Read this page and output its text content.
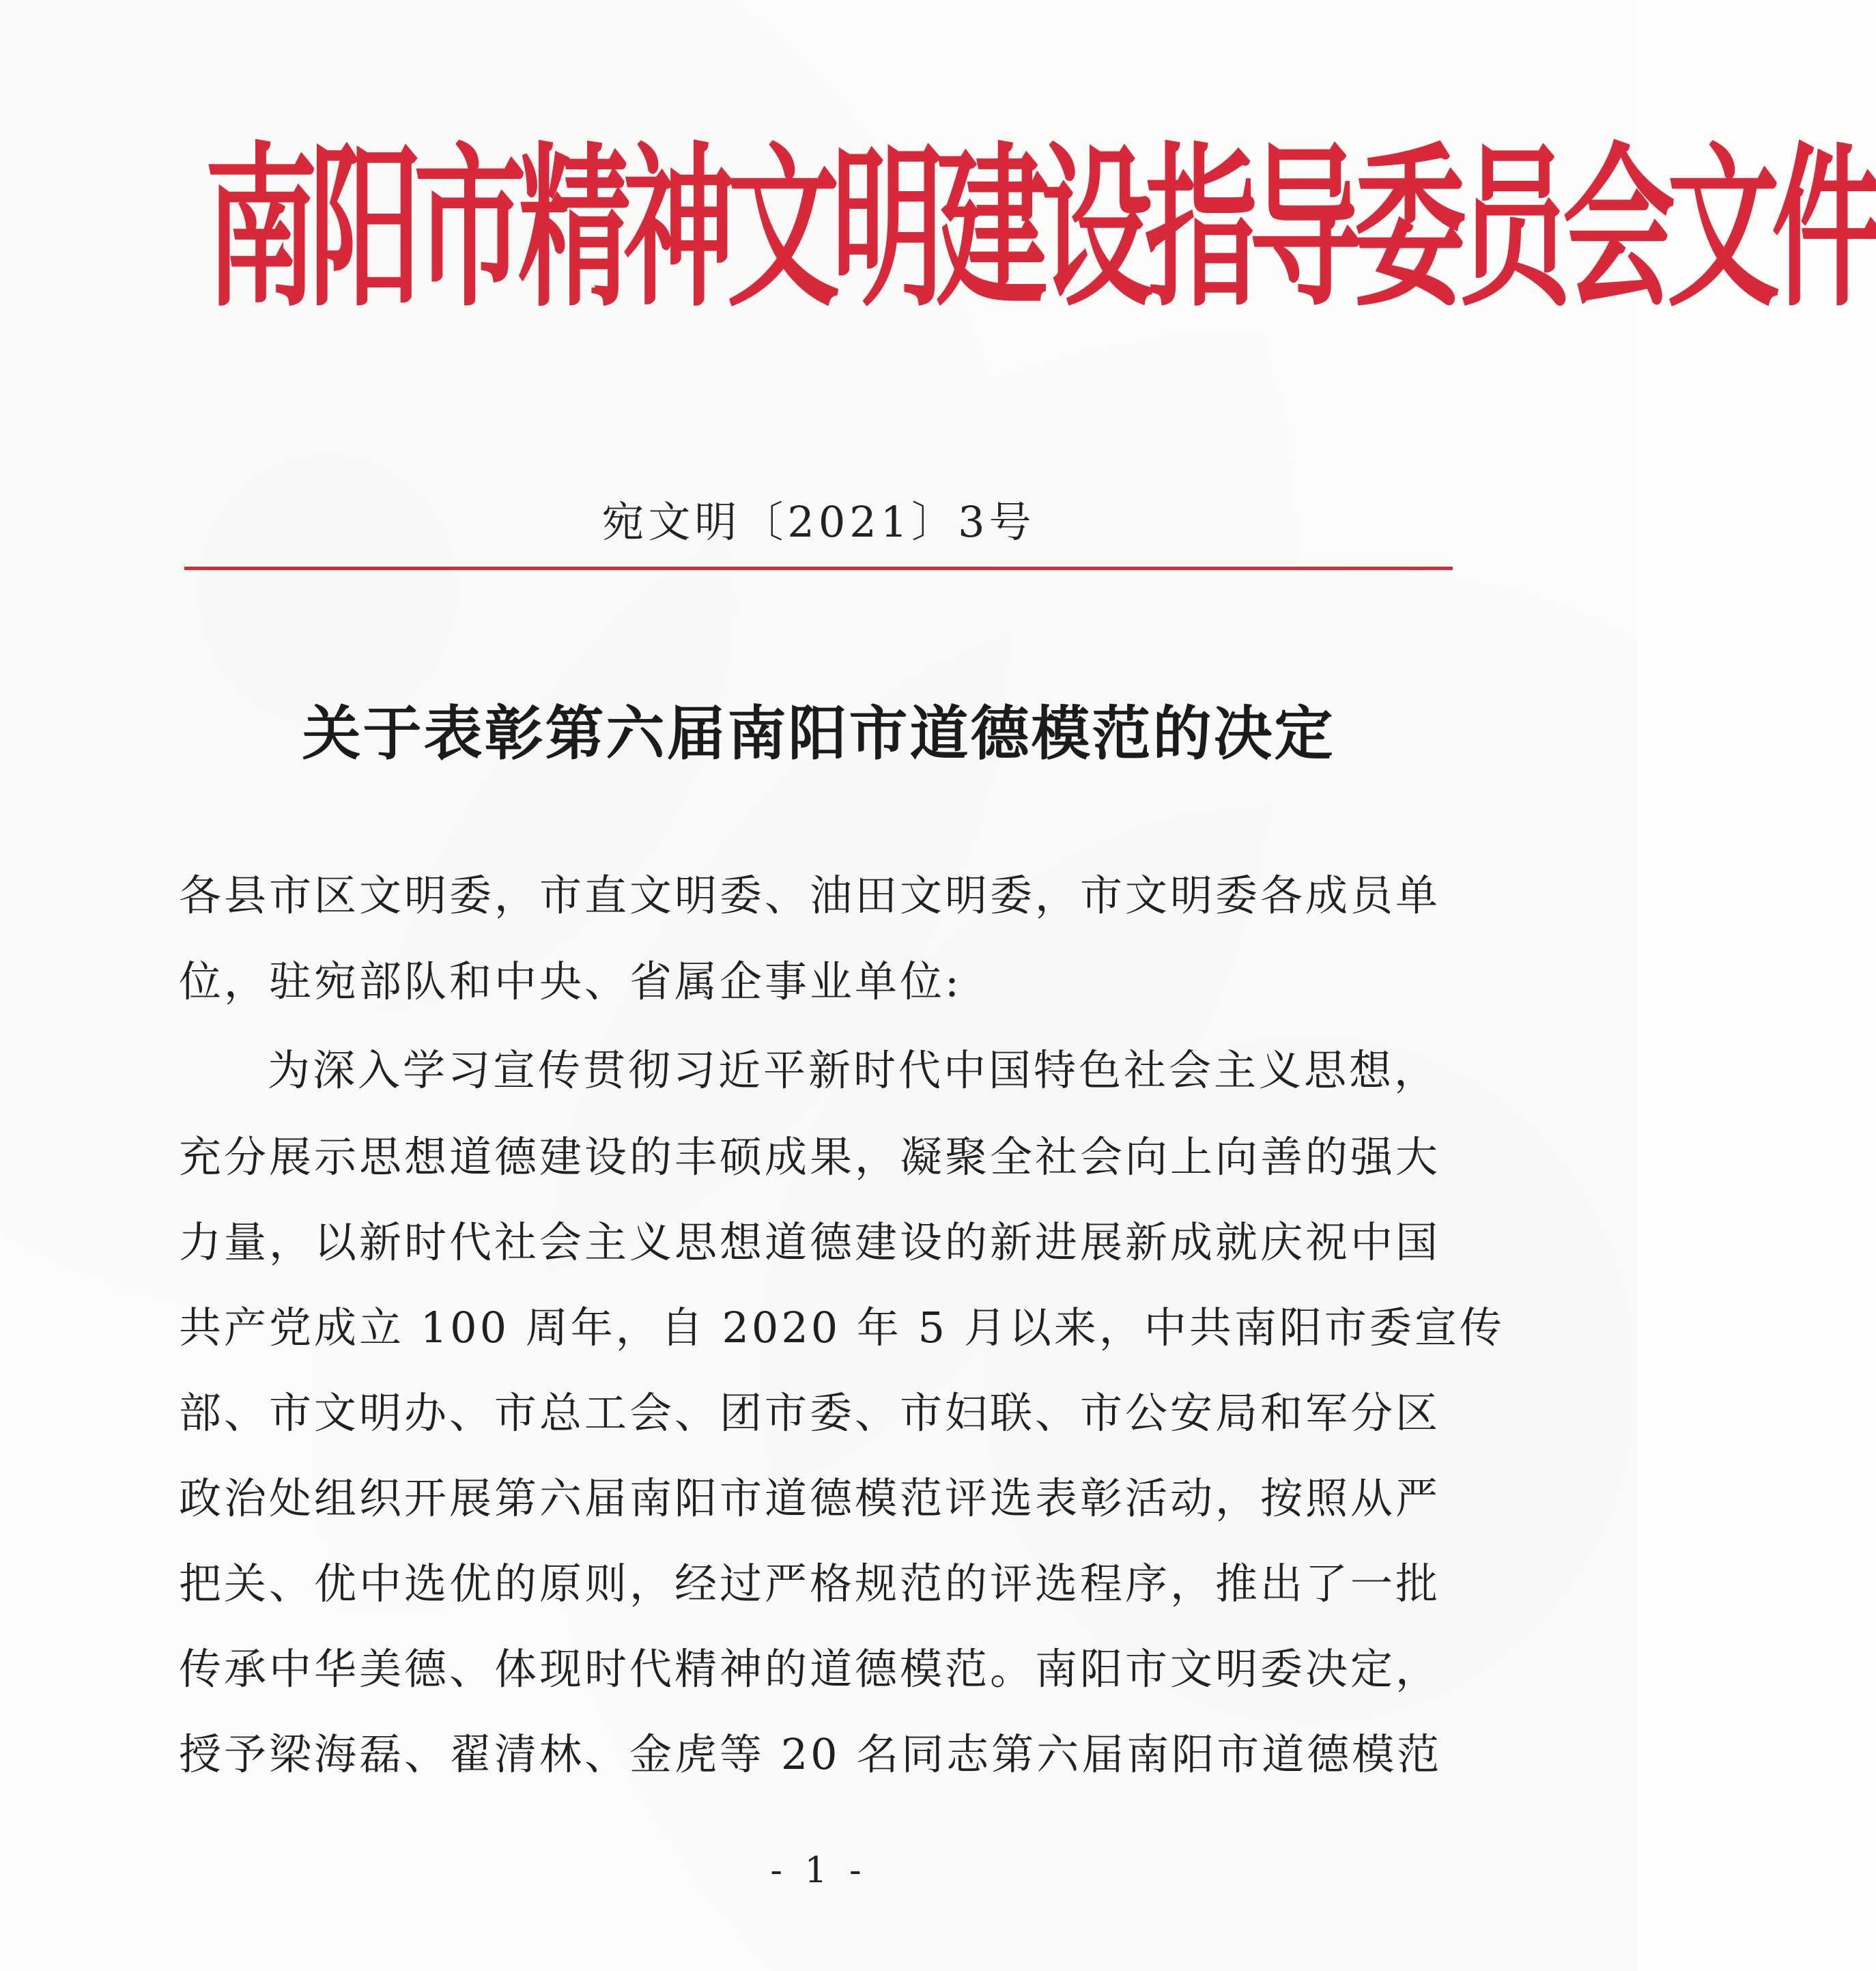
南阳市精神文明建设指导委员会文件
宛文明〔2021〕3号
关于表彰第六届南阳市道德模范的决定
各县市区文明委，市直文明委、油田文明委，市文明委各成员单
位，驻宛部队和中央、省属企事业单位:
为深入学习宣传贯彻习近平新时代中国特色社会主义思想，
充分展示思想道德建设的丰硕成果，凝聚全社会向上向善的强大
力量，以新时代社会主义思想道德建设的新进展新成就庆祝中国
共产党成立 100 周年，自 2020 年 5 月以来，中共南阳市委宣传
部、市文明办、市总工会、团市委、市妇联、市公安局和军分区
政治处组织开展第六届南阳市道德模范评选表彰活动，按照从严
把关、优中选优的原则，经过严格规范的评选程序，推出了一批
传承中华美德、体现时代精神的道德模范。南阳市文明委决定，
授予梁海磊、翟清林、金虎等 20 名同志第六届南阳市道德模范
- 1 -
